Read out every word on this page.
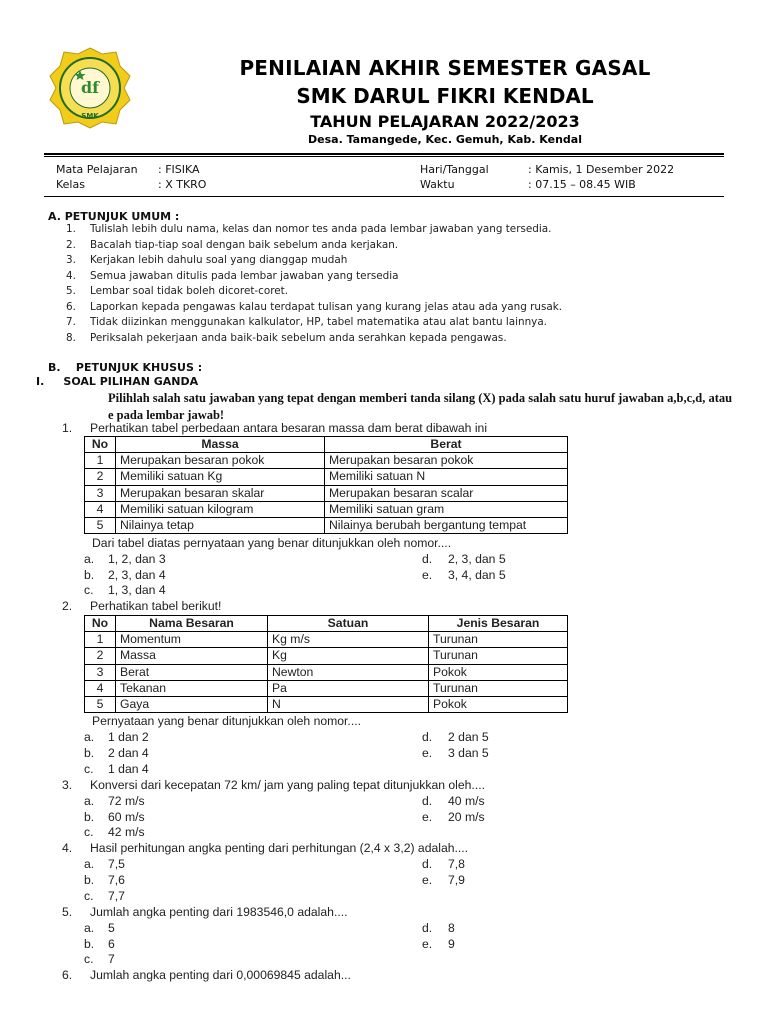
df
SMK
PENILAIAN AKHIR SEMESTER GASAL
SMK DARUL FIKRI KENDAL
TAHUN PELAJARAN 2022/2023
Desa. Tamangede, Kec. Gemuh, Kab. Kendal
Mata Pelajaran : FISIKA
Kelas	: X TKRO
Hari/Tanggal	: Kamis, 1 Desember 2022
Waktu	: 07.15 – 08.45 WIB
A. PETUNJUK UMUM :
1. Tulislah lebih dulu nama, kelas dan nomor tes anda pada lembar jawaban yang tersedia.
2. Bacalah tiap-tiap soal dengan baik sebelum anda kerjakan.
3. Kerjakan lebih dahulu soal yang dianggap mudah
4. Semua jawaban ditulis pada lembar jawaban yang tersedia
5. Lembar soal tidak boleh dicoret-coret.
6. Laporkan kepada pengawas kalau terdapat tulisan yang kurang jelas atau ada yang rusak.
7. Tidak diizinkan menggunakan kalkulator, HP, tabel matematika atau alat bantu lainnya.
8. Periksalah pekerjaan anda baik-baik sebelum anda serahkan kepada pengawas.
B.    PETUNJUK KHUSUS :
I.     SOAL PILIHAN GANDA
Pilihlah salah satu jawaban yang tepat dengan memberi tanda silang (X) pada salah satu huruf jawaban a,b,c,d, atau e pada lembar jawab!
1. Perhatikan tabel perbedaan antara besaran massa dam berat dibawah ini
No	Massa	Berat
1	Merupakan besaran pokok	Merupakan besaran pokok
2	Memiliki satuan Kg	Memiliki satuan N
3	Merupakan besaran skalar	Merupakan besaran scalar
4	Memiliki satuan kilogram	Memiliki satuan gram
5	Nilainya tetap	Nilainya berubah bergantung tempat
Dari tabel diatas pernyataan yang benar ditunjukkan oleh nomor....
a. 1, 2, dan 3
b. 2, 3, dan 4
c. 1, 3, dan 4
d. 2, 3, dan 5
e. 3, 4, dan 5
2. Perhatikan tabel berikut!
No	Nama Besaran	Satuan	Jenis Besaran
1	Momentum	Kg m/s	Turunan
2	Massa	Kg	Turunan
3	Berat	Newton	Pokok
4	Tekanan	Pa	Turunan
5	Gaya	N	Pokok
Pernyataan yang benar ditunjukkan oleh nomor....
a. 1 dan 2
b. 2 dan 4
c. 1 dan 4
d. 2 dan 5
e. 3 dan 5
3. Konversi dari kecepatan 72 km/ jam yang paling tepat ditunjukkan oleh....
a. 72 m/s
b. 60 m/s
c. 42 m/s
d. 40 m/s
e. 20 m/s
4. Hasil perhitungan angka penting dari perhitungan (2,4 x 3,2) adalah....
a. 7,5
b. 7,6
c. 7,7
d. 7,8
e. 7,9
5. Jumlah angka penting dari 1983546,0 adalah....
a. 5
b. 6
c. 7
d. 8
e. 9
6. Jumlah angka penting dari 0,00069845 adalah...
